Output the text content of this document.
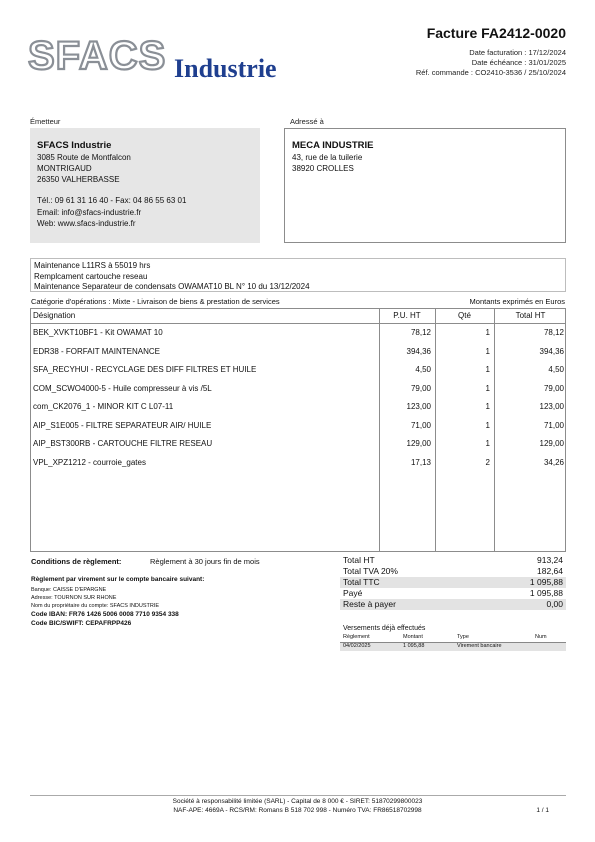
SFACS Industrie
Facture FA2412-0020
Date facturation : 17/12/2024
Date échéance : 31/01/2025
Réf. commande : CO2410-3536 / 25/10/2024
Émetteur
SFACS Industrie
3085 Route de Montfalcon
MONTRIGAUD
26350 VALHERBASSE
Tél.: 09 61 31 16 40 - Fax: 04 86 55 63 01
Email: info@sfacs-industrie.fr
Web: www.sfacs-industrie.fr
Adressé à
MECA INDUSTRIE
43, rue de la tuilerie
38920 CROLLES
Maintenance L11RS à 55019 hrs
Remplcament cartouche reseau
Maintenance Separateur de condensats OWAMAT10 BL N° 10 du 13/12/2024
Catégorie d'opérations : Mixte - Livraison de biens & prestation de services	Montants exprimés en Euros
Désignation	P.U. HT	Qté	Total HT
BEK_XVKT10BF1 - Kit OWAMAT 10	78,12	1	78,12
EDR38 - FORFAIT MAINTENANCE	394,36	1	394,36
SFA_RECYHUI - RECYCLAGE DES DIFF FILTRES ET HUILE	4,50	1	4,50
COM_SCWO4000-5 - Huile compresseur à vis /5L	79,00	1	79,00
com_CK2076_1 - MINOR KIT C L07-11	123,00	1	123,00
AIP_S1E005 - FILTRE SEPARATEUR AIR/ HUILE	71,00	1	71,00
AIP_BST300RB - CARTOUCHE FILTRE RESEAU	129,00	1	129,00
VPL_XPZ1212 - courroie_gates	17,13	2	34,26
Conditions de règlement:	Règlement à 30 jours fin de mois
Règlement par virement sur le compte bancaire suivant:
Banque: CAISSE D'EPARGNE
Adresse: TOURNON SUR RHONE
Nom du propriétaire du compte: SFACS INDUSTRIE
Code IBAN: FR76 1426 5006 0008 7710 9354 338
Code BIC/SWIFT: CEPAFRPP426
Total HT	913,24
Total TVA 20%	182,64
Total TTC	1 095,88
Payé	1 095,88
Reste à payer	0,00
Versements déjà effectués
Règlement	Montant	Type	Num
04/02/2025	1 095,88	Virement bancaire
Société à responsabilité limitée (SARL) - Capital de 8 000 € - SIRET: 51870299800023
NAF-APE: 4669A - RCS/RM: Romans B 518 702 998 - Numéro TVA: FR86518702998	1 / 1
